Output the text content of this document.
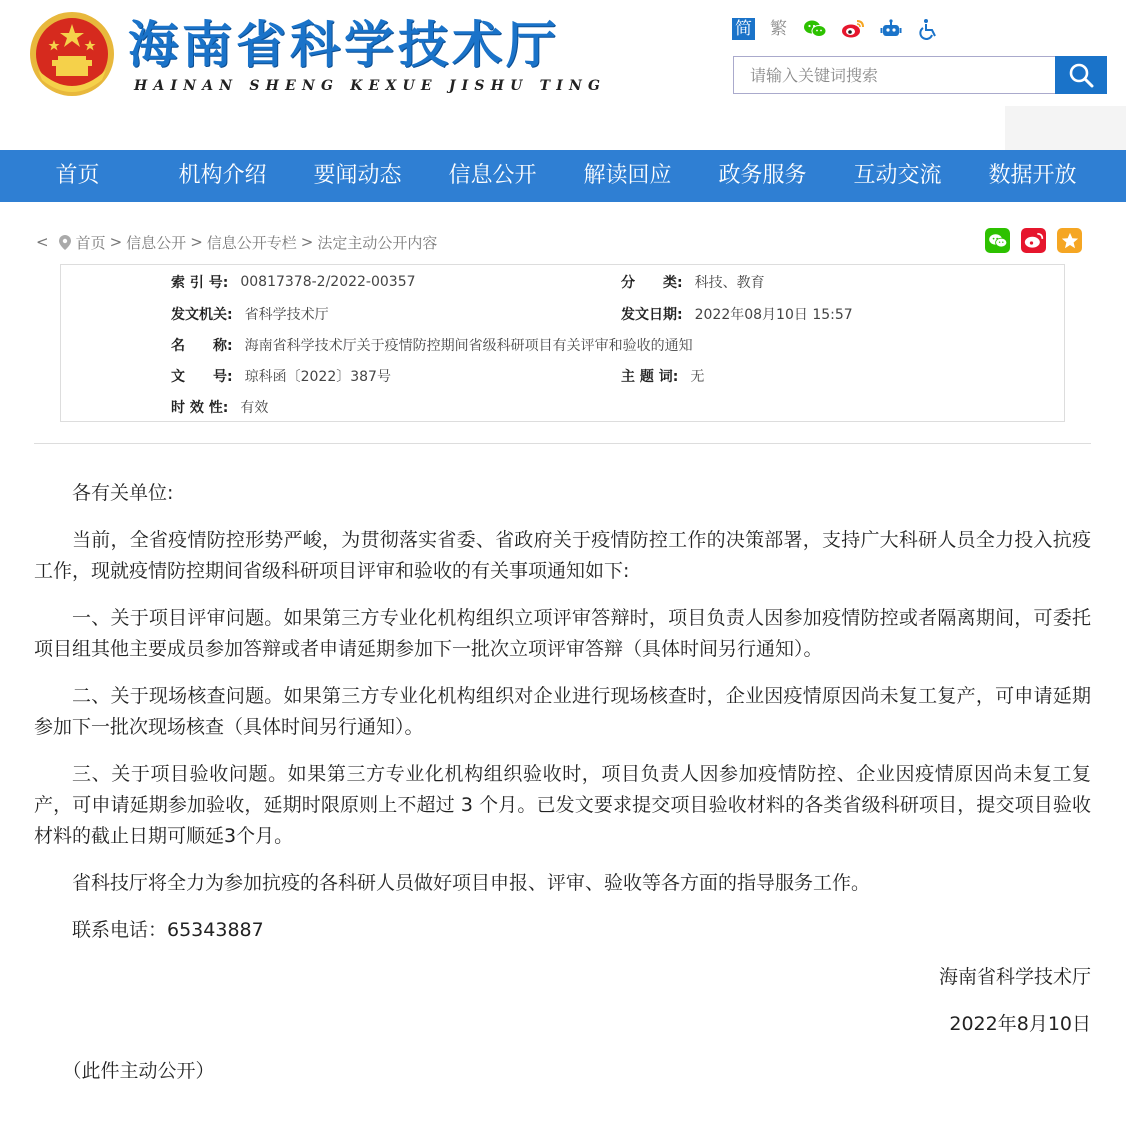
海南省科学技术厅
HAINAN SHENG KEXUE JISHU TING
简 繁
请输入关键词搜索
首页	机构介绍	要闻动态	信息公开	解读回应	政务服务	互动交流	数据开放
< 首页 > 信息公开 > 信息公开专栏 > 法定主动公开内容
索 引 号: 00817378-2/2022-00357	分　　类: 科技、教育
发文机关: 省科学技术厅	发文日期: 2022年08月10日 15:57
名　　称: 海南省科学技术厅关于疫情防控期间省级科研项目有关评审和验收的通知
文　　号: 琼科函〔2022〕387号	主 题 词: 无
时 效 性: 有效

各有关单位:

当前，全省疫情防控形势严峻，为贯彻落实省委、省政府关于疫情防控工作的决策部署，支持广大科研人员全力投入抗疫工作，现就疫情防控期间省级科研项目评审和验收的有关事项通知如下:

一、关于项目评审问题。如果第三方专业化机构组织立项评审答辩时，项目负责人因参加疫情防控或者隔离期间，可委托项目组其他主要成员参加答辩或者申请延期参加下一批次立项评审答辩（具体时间另行通知）。

二、关于现场核查问题。如果第三方专业化机构组织对企业进行现场核查时，企业因疫情原因尚未复工复产，可申请延期参加下一批次现场核查（具体时间另行通知）。

三、关于项目验收问题。如果第三方专业化机构组织验收时，项目负责人因参加疫情防控、企业因疫情原因尚未复工复产，可申请延期参加验收，延期时限原则上不超过 3 个月。已发文要求提交项目验收材料的各类省级科研项目，提交项目验收材料的截止日期可顺延3个月。

省科技厅将全力为参加抗疫的各科研人员做好项目申报、评审、验收等各方面的指导服务工作。

联系电话：65343887

海南省科学技术厅

2022年8月10日

（此件主动公开）
